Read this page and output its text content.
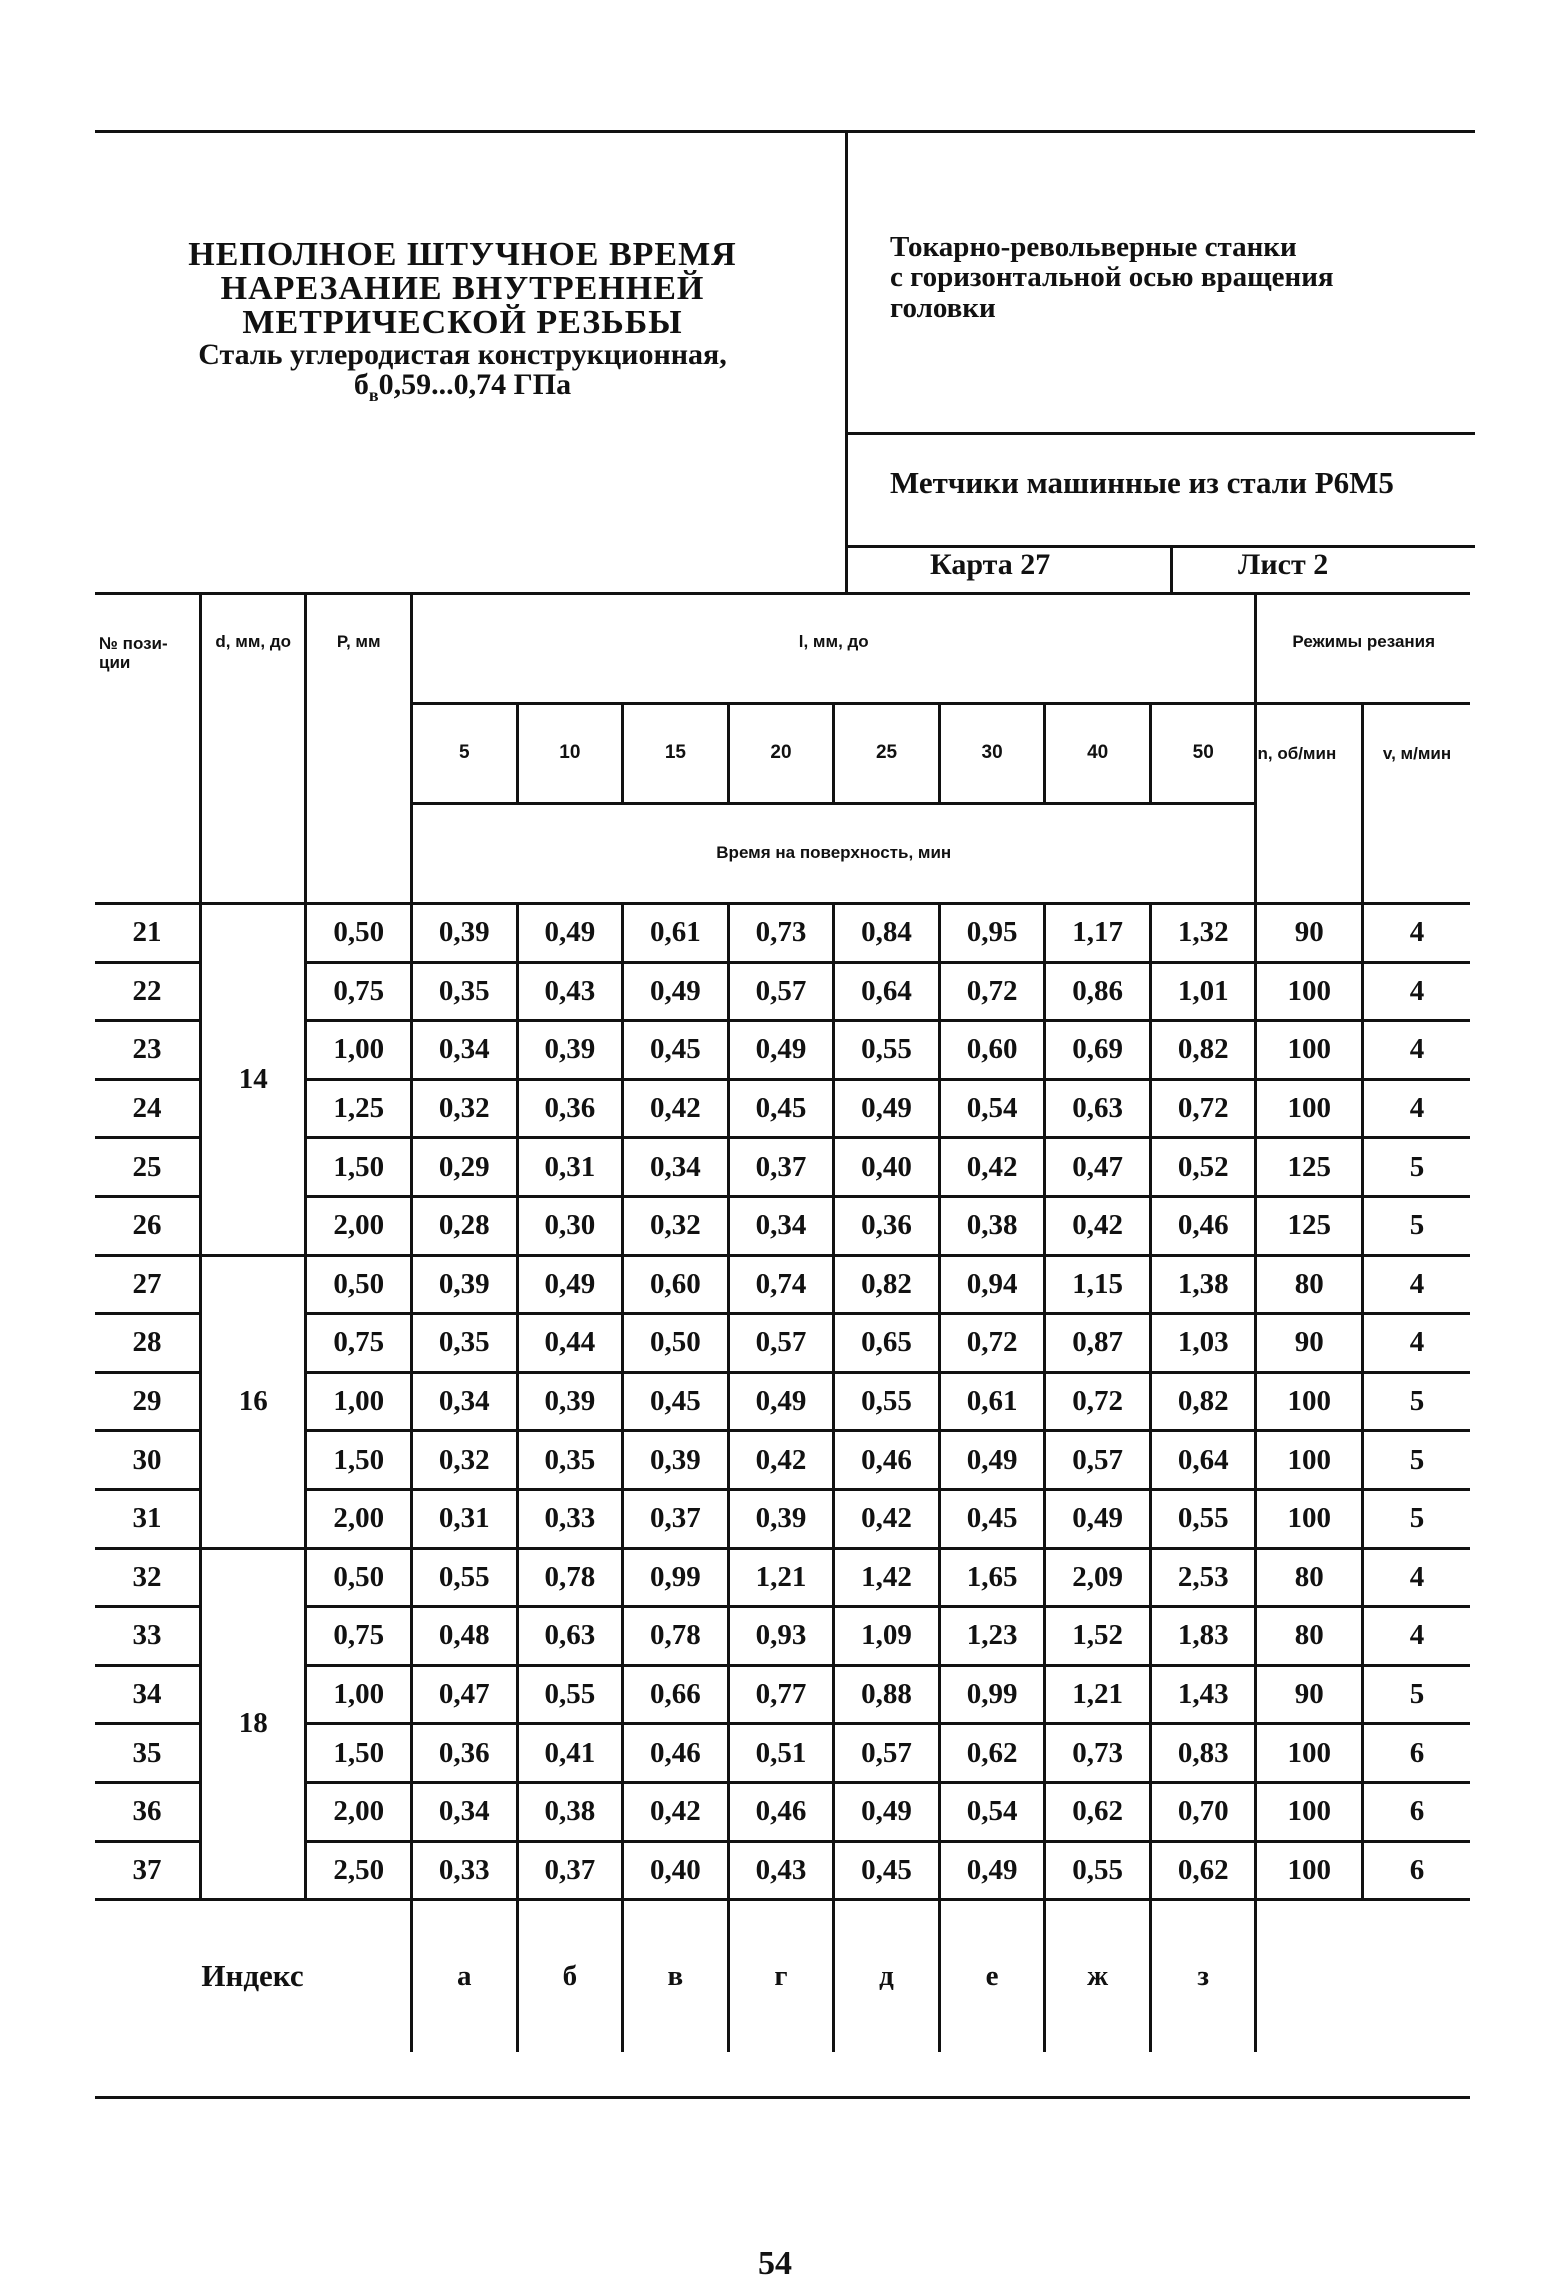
НЕПОЛНОЕ ШТУЧНОЕ ВРЕМЯ
НАРЕЗАНИЕ ВНУТРЕННЕЙ
МЕТРИЧЕСКОЙ РЕЗЬБЫ
Сталь углеродистая конструкционная,
$б_в0,59...0,74$ ГПа
Токарно-револьверные станки
с горизонтальной осью вращения
головки
Метчики машинные из стали Р6М5
Карта 27	Лист 2
№ пози- ции	d, мм, до	P, мм	l, мм, до								Режимы резания	
			5	10	15	20	25	30	40	50	n, об/мин	v, м/мин
			Время на поверхность, мин									
21	14	0,50	0,39	0,49	0,61	0,73	0,84	0,95	1,17	1,32	90	4
22		0,75	0,35	0,43	0,49	0,57	0,64	0,72	0,86	1,01	100	4
23		1,00	0,34	0,39	0,45	0,49	0,55	0,60	0,69	0,82	100	4
24		1,25	0,32	0,36	0,42	0,45	0,49	0,54	0,63	0,72	100	4
25		1,50	0,29	0,31	0,34	0,37	0,40	0,42	0,47	0,52	125	5
26		2,00	0,28	0,30	0,32	0,34	0,36	0,38	0,42	0,46	125	5
27	16	0,50	0,39	0,49	0,60	0,74	0,82	0,94	1,15	1,38	80	4
28		0,75	0,35	0,44	0,50	0,57	0,65	0,72	0,87	1,03	90	4
29		1,00	0,34	0,39	0,45	0,49	0,55	0,61	0,72	0,82	100	5
30		1,50	0,32	0,35	0,39	0,42	0,46	0,49	0,57	0,64	100	5
31		2,00	0,31	0,33	0,37	0,39	0,42	0,45	0,49	0,55	100	5
32	18	0,50	0,55	0,78	0,99	1,21	1,42	1,65	2,09	2,53	80	4
33		0,75	0,48	0,63	0,78	0,93	1,09	1,23	1,52	1,83	80	4
34		1,00	0,47	0,55	0,66	0,77	0,88	0,99	1,21	1,43	90	5
35		1,50	0,36	0,41	0,46	0,51	0,57	0,62	0,73	0,83	100	6
36		2,00	0,34	0,38	0,42	0,46	0,49	0,54	0,62	0,70	100	6
37		2,50	0,33	0,37	0,40	0,43	0,45	0,49	0,55	0,62	100	6
Индекс			а	б	в	г	д	е	ж	з		
54
